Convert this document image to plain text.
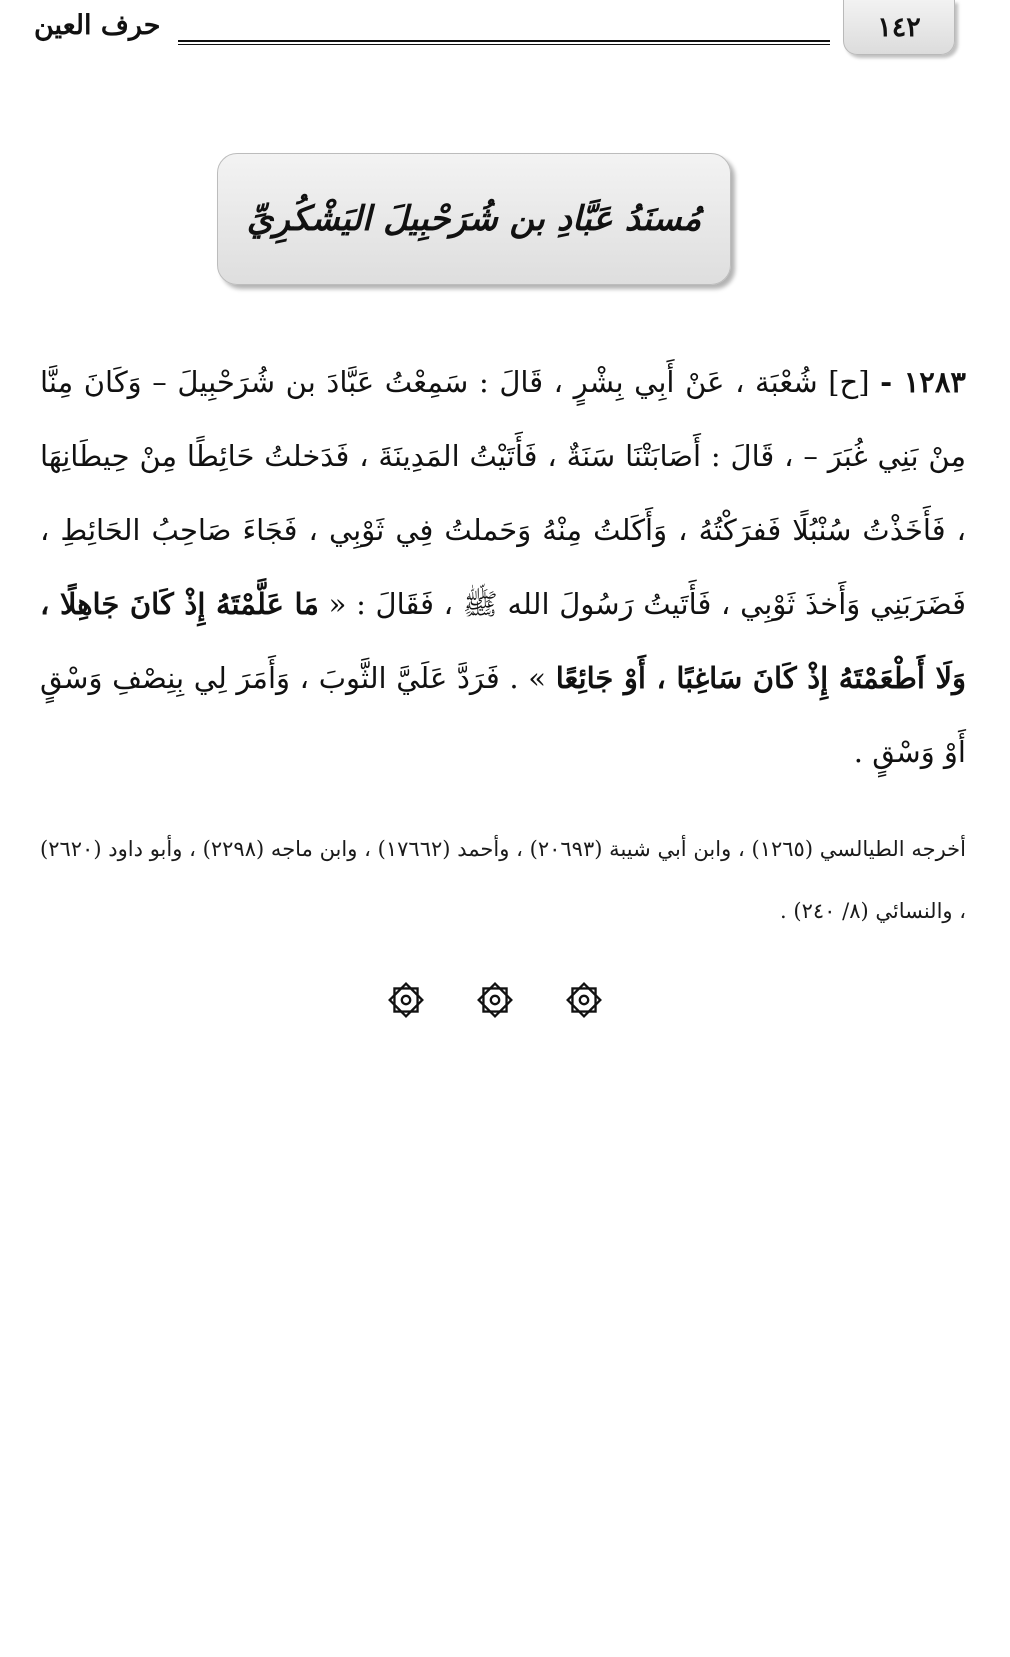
١٤٢
حرف العين
مُسنَدُ عَبَّادِ بن شُرَحْبِيلَ اليَشْكُرِيِّ
١٢٨٣ - [ح] شُعْبَة ، عَنْ أَبِي بِشْرٍ ، قَالَ : سَمِعْتُ عَبَّادَ بن شُرَحْبِيلَ – وَكَانَ مِنَّا مِنْ بَنِي غُبَرَ – ، قَالَ : أَصَابَتْنَا سَنَةٌ ، فَأَتَيْتُ المَدِينَةَ ، فَدَخلتُ حَائِطًا مِنْ حِيطَانِهَا ، فَأَخَذْتُ سُنْبُلًا فَفرَكْتُهُ ، وَأَكَلتُ مِنْهُ وَحَملتُ فِي ثَوْبِي ، فَجَاءَ صَاحِبُ الحَائِطِ ، فَضَرَبَنِي وَأَخذَ ثَوْبِي ، فَأَتَيتُ رَسُولَ الله ﷺ ، فَقَالَ : « مَا عَلَّمْتَهُ إِذْ كَانَ جَاهِلًا ، وَلَا أَطْعَمْتَهُ إِذْ كَانَ سَاغِبًا ، أَوْ جَائِعًا » . فَرَدَّ عَلَيَّ الثَّوبَ ، وَأَمَرَ لِي بِنِصْفِ وَسْقٍ أَوْ وَسْقٍ .
أخرجه الطيالسي (١٢٦٥) ، وابن أبي شيبة (٢٠٦٩٣) ، وأحمد (١٧٦٦٢) ، وابن ماجه (٢٢٩٨) ، وأبو داود (٢٦٢٠) ، والنسائي (٨/ ٢٤٠) .
